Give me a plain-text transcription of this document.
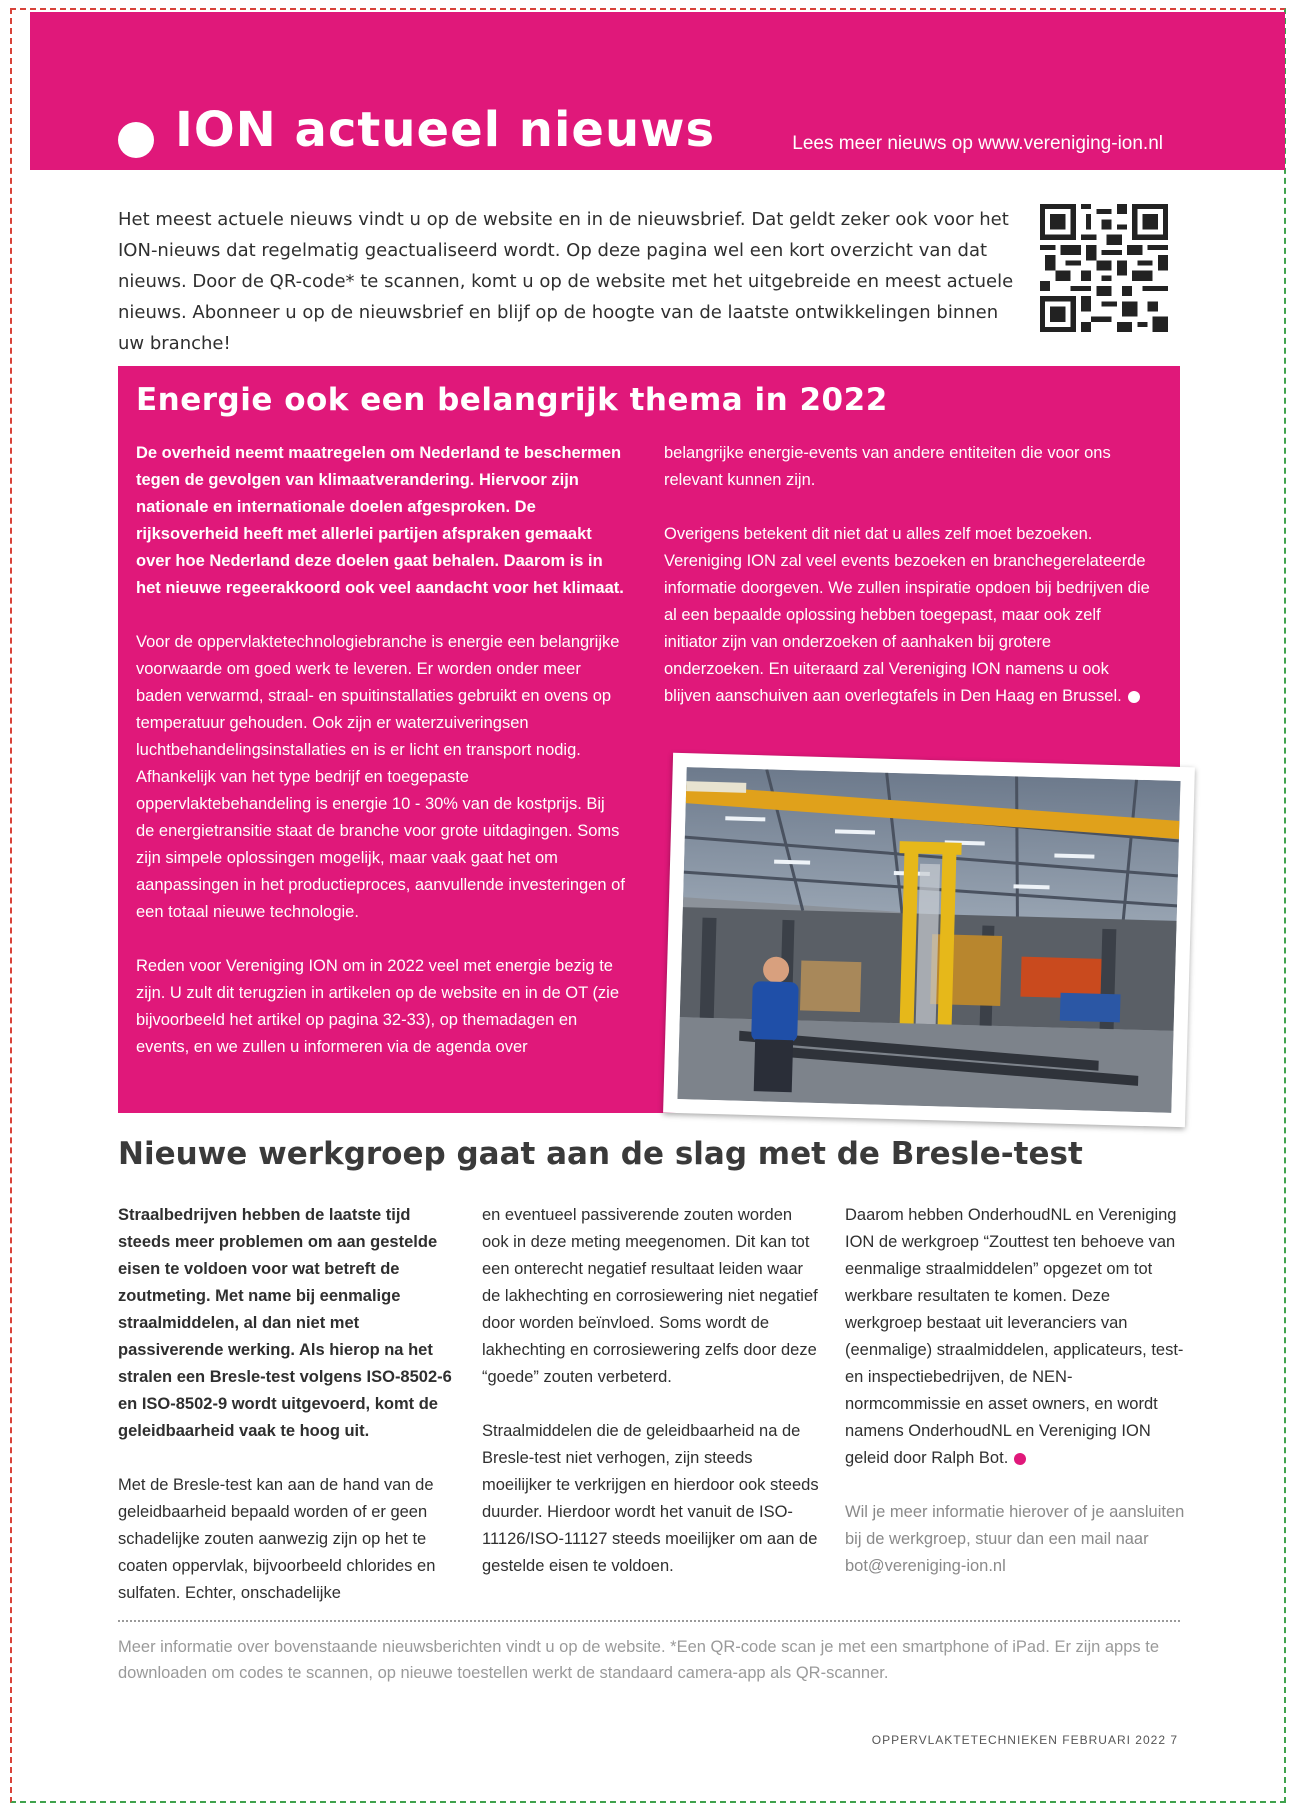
ION actueel nieuws	Lees meer nieuws op www.vereniging-ion.nl
Het meest actuele nieuws vindt u op de website en in de nieuwsbrief. Dat geldt zeker ook voor het ION-nieuws dat regelmatig geactualiseerd wordt. Op deze pagina wel een kort overzicht van dat nieuws. Door de QR-code* te scannen, komt u op de website met het uitgebreide en meest actuele nieuws. Abonneer u op de nieuwsbrief en blijf op de hoogte van de laatste ontwikkelingen binnen uw branche!
Energie ook een belangrijk thema in 2022

De overheid neemt maatregelen om Nederland te beschermen tegen de gevolgen van klimaatverandering. Hiervoor zijn nationale en internationale doelen afgesproken. De rijksoverheid heeft met allerlei partijen afspraken gemaakt over hoe Nederland deze doelen gaat behalen. Daarom is in het nieuwe regeerakkoord ook veel aandacht voor het klimaat.

Voor de oppervlaktetechnologiebranche is energie een belangrijke voorwaarde om goed werk te leveren. Er worden onder meer baden verwarmd, straal- en spuitinstallaties gebruikt en ovens op temperatuur gehouden. Ook zijn er waterzuiveringsen luchtbehandelingsinstallaties en is er licht en transport nodig. Afhankelijk van het type bedrijf en toegepaste oppervlaktebehandeling is energie 10 - 30% van de kostprijs. Bij de energietransitie staat de branche voor grote uitdagingen. Soms zijn simpele oplossingen mogelijk, maar vaak gaat het om aanpassingen in het productieproces, aanvullende investeringen of een totaal nieuwe technologie.

Reden voor Vereniging ION om in 2022 veel met energie bezig te zijn. U zult dit terugzien in artikelen op de website en in de OT (zie bijvoorbeeld het artikel op pagina 32-33), op themadagen en events, en we zullen u informeren via de agenda over

belangrijke energie-events van andere entiteiten die voor ons relevant kunnen zijn.

Overigens betekent dit niet dat u alles zelf moet bezoeken. Vereniging ION zal veel events bezoeken en branchegerelateerde informatie doorgeven. We zullen inspiratie opdoen bij bedrijven die al een bepaalde oplossing hebben toegepast, maar ook zelf initiator zijn van onderzoeken of aanhaken bij grotere onderzoeken. En uiteraard zal Vereniging ION namens u ook blijven aanschuiven aan overlegtafels in Den Haag en Brussel.

Nieuwe werkgroep gaat aan de slag met de Bresle-test

Straalbedrijven hebben de laatste tijd steeds meer problemen om aan gestelde eisen te voldoen voor wat betreft de zoutmeting. Met name bij eenmalige straalmiddelen, al dan niet met passiverende werking. Als hierop na het stralen een Bresle-test volgens ISO-8502-6 en ISO-8502-9 wordt uitgevoerd, komt de geleidbaarheid vaak te hoog uit.

Met de Bresle-test kan aan de hand van de geleidbaarheid bepaald worden of er geen schadelijke zouten aanwezig zijn op het te coaten oppervlak, bijvoorbeeld chlorides en sulfaten. Echter, onschadelijke

en eventueel passiverende zouten worden ook in deze meting meegenomen. Dit kan tot een onterecht negatief resultaat leiden waar de lakhechting en corrosiewering niet negatief door worden beïnvloed. Soms wordt de lakhechting en corrosiewering zelfs door deze “goede” zouten verbeterd.

Straalmiddelen die de geleidbaarheid na de Bresle-test niet verhogen, zijn steeds moeilijker te verkrijgen en hierdoor ook steeds duurder. Hierdoor wordt het vanuit de ISO-11126/ISO-11127 steeds moeilijker om aan de gestelde eisen te voldoen.

Daarom hebben OnderhoudNL en Vereniging ION de werkgroep “Zouttest ten behoeve van eenmalige straalmiddelen” opgezet om tot werkbare resultaten te komen. Deze werkgroep bestaat uit leveranciers van (eenmalige) straalmiddelen, applicateurs, test- en inspectiebedrijven, de NEN-normcommissie en asset owners, en wordt namens OnderhoudNL en Vereniging ION geleid door Ralph Bot.

Wil je meer informatie hierover of je aansluiten bij de werkgroep, stuur dan een mail naar bot@vereniging-ion.nl

Meer informatie over bovenstaande nieuwsberichten vindt u op de website. *Een QR-code scan je met een smartphone of iPad. Er zijn apps te downloaden om codes te scannen, op nieuwe toestellen werkt de standaard camera-app als QR-scanner.
OPPERVLAKTETECHNIEKEN FEBRUARI 2022 7
